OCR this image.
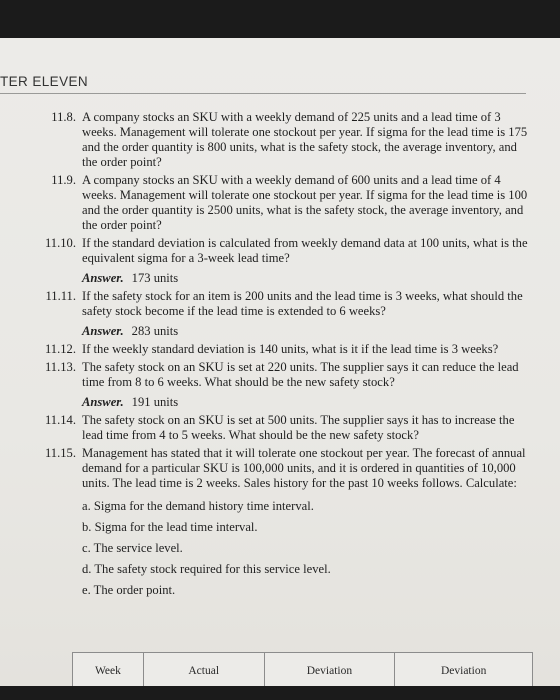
TER ELEVEN
11.8. A company stocks an SKU with a weekly demand of 225 units and a lead time of 3 weeks. Management will tolerate one stockout per year. If sigma for the lead time is 175 and the order quantity is 800 units, what is the safety stock, the average inventory, and the order point?
11.9. A company stocks an SKU with a weekly demand of 600 units and a lead time of 4 weeks. Management will tolerate one stockout per year. If sigma for the lead time is 100 and the order quantity is 2500 units, what is the safety stock, the average inventory, and the order point?
11.10. If the standard deviation is calculated from weekly demand data at 100 units, what is the equivalent sigma for a 3-week lead time?
Answer. 173 units
11.11. If the safety stock for an item is 200 units and the lead time is 3 weeks, what should the safety stock become if the lead time is extended to 6 weeks?
Answer. 283 units
11.12. If the weekly standard deviation is 140 units, what is it if the lead time is 3 weeks?
11.13. The safety stock on an SKU is set at 220 units. The supplier says it can reduce the lead time from 8 to 6 weeks. What should be the new safety stock?
Answer. 191 units
11.14. The safety stock on an SKU is set at 500 units. The supplier says it has to increase the lead time from 4 to 5 weeks. What should be the new safety stock?
11.15. Management has stated that it will tolerate one stockout per year. The forecast of annual demand for a particular SKU is 100,000 units, and it is ordered in quantities of 10,000 units. The lead time is 2 weeks. Sales history for the past 10 weeks follows. Calculate:
a. Sigma for the demand history time interval.
b. Sigma for the lead time interval.
c. The service level.
d. The safety stock required for this service level.
e. The order point.
Week	Actual	Deviation	Deviation
